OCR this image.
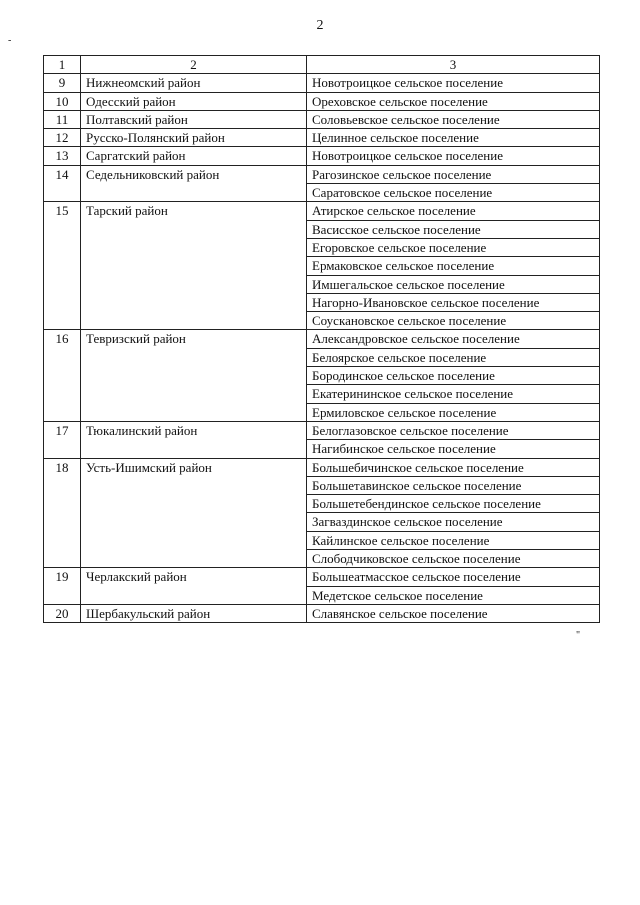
2
-
1	2	3
9	Нижнеомский район	Новотроицкое сельское поселение
10	Одесский район	Ореховское сельское поселение
11	Полтавский район	Соловьевское сельское поселение
12	Русско-Полянский район	Целинное сельское поселение
13	Саргатский район	Новотроицкое сельское поселение
14	Седельниковский район	Рагозинское сельское поселение
		Саратовское сельское поселение
15	Тарский район	Атирское сельское поселение
		Васисское сельское поселение
		Егоровское сельское поселение
		Ермаковское сельское поселение
		Имшегальское сельское поселение
		Нагорно-Ивановское сельское поселение
		Соускановское сельское поселение
16	Тевризский район	Александровское сельское поселение
		Белоярское сельское поселение
		Бородинское сельское поселение
		Екатерининское сельское поселение
		Ермиловское сельское поселение
17	Тюкалинский район	Белоглазовское сельское поселение
		Нагибинское сельское поселение
18	Усть-Ишимский район	Большебичинское сельское поселение
		Большетавинское сельское поселение
		Большетебендинское сельское поселение
		Загваздинское сельское поселение
		Кайлинское сельское поселение
		Слободчиковское сельское поселение
19	Черлакский район	Большеатмасское сельское поселение
		Медетское сельское поселение
20	Шербакульский район	Славянское сельское поселение
"
